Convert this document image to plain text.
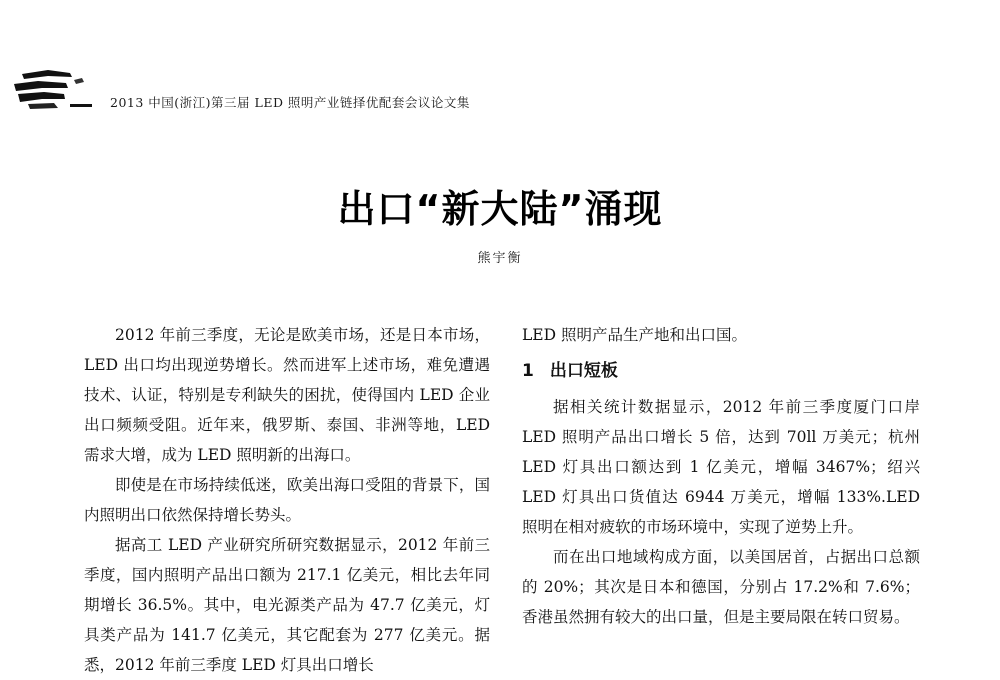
2013 中国(浙江)第三届 LED 照明产业链择优配套会议论文集
出口“新大陆”涌现
熊宇衡

2012 年前三季度，无论是欧美市场，还是日本市场，LED 出口均出现逆势增长。然而进军上述市场，难免遭遇技术、认证，特别是专利缺失的困扰，使得国内 LED 企业出口频频受阻。近年来，俄罗斯、泰国、非洲等地，LED 需求大增，成为 LED 照明新的出海口。

即使是在市场持续低迷，欧美出海口受阻的背景下，国内照明出口依然保持增长势头。

据高工 LED 产业研究所研究数据显示，2012 年前三季度，国内照明产品出口额为 217.1 亿美元，相比去年同期增长 36.5%。其中，电光源类产品为 47.7 亿美元，灯具类产品为 141.7 亿美元，其它配套为 277 亿美元。据悉，2012 年前三季度 LED 灯具出口增长

LED 照明产品生产地和出口国。

1 出口短板

据相关统计数据显示，2012 年前三季度厦门口岸 LED 照明产品出口增长 5 倍，达到 70ll 万美元；杭州 LED 灯具出口额达到 1 亿美元，增幅 3467%；绍兴 LED 灯具出口货值达 6944 万美元，增幅 133%.LED 照明在相对疲软的市场环境中，实现了逆势上升。

而在出口地域构成方面，以美国居首，占据出口总额的 20%；其次是日本和德国，分别占 17.2%和 7.6%；香港虽然拥有较大的出口量，但是主要局限在转口贸易。
